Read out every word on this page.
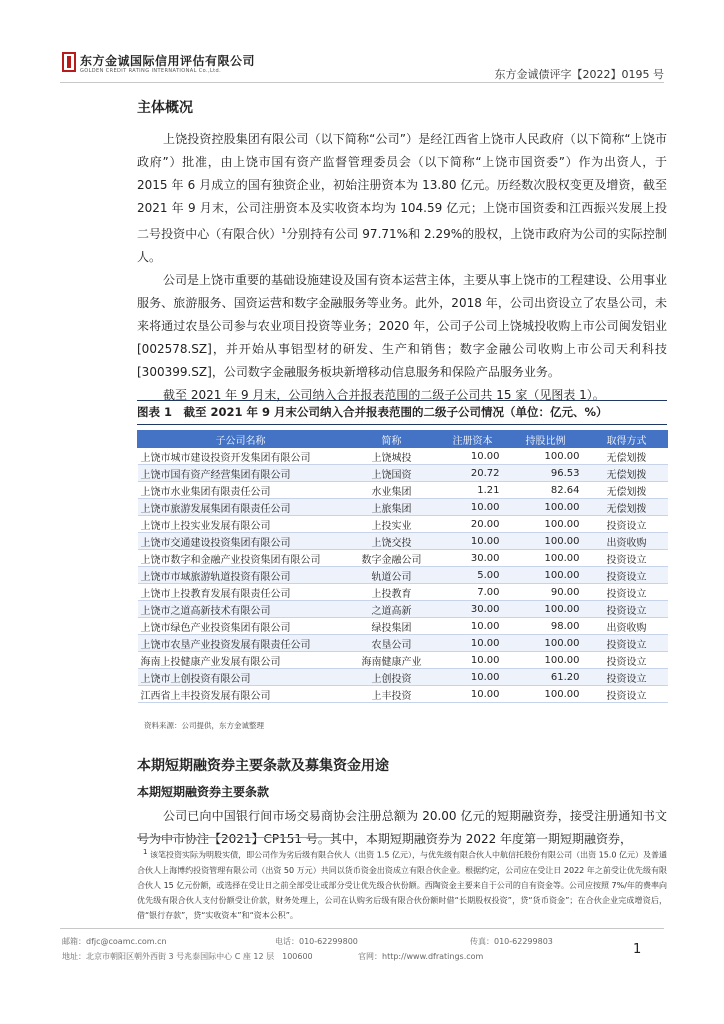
东方金诚国际信用评估有限公司
GOLDEN CREDIT RATING INTERNATIONAL Co.,Ltd.	东方金诚债评字【2022】0195 号
主体概况

上饶投资控股集团有限公司（以下简称“公司”）是经江西省上饶市人民政府（以下简称“上饶市政府”）批准，由上饶市国有资产监督管理委员会（以下简称“上饶市国资委”）作为出资人，于 2015 年 6 月成立的国有独资企业，初始注册资本为 13.80 亿元。历经数次股权变更及增资，截至 2021 年 9 月末，公司注册资本及实收资本均为 104.59 亿元；上饶市国资委和江西振兴发展上投二号投资中心（有限合伙）$^1$分别持有公司 97.71%和 2.29%的股权，上饶市政府为公司的实际控制人。

公司是上饶市重要的基础设施建设及国有资本运营主体，主要从事上饶市的工程建设、公用事业服务、旅游服务、国资运营和数字金融服务等业务。此外，2018 年，公司出资设立了农垦公司，未来将通过农垦公司参与农业项目投资等业务；2020 年，公司子公司上饶城投收购上市公司闽发铝业[002578.SZ]，并开始从事铝型材的研发、生产和销售；数字金融公司收购上市公司天利科技[300399.SZ]，公司数字金融服务板块新增移动信息服务和保险产品服务业务。

截至 2021 年 9 月末，公司纳入合并报表范围的二级子公司共 15 家（见图表 1）。

图表 1　截至 2021 年 9 月末公司纳入合并报表范围的二级子公司情况（单位：亿元、%）
子公司名称	简称	注册资本	持股比例	取得方式
上饶市城市建设投资开发集团有限公司	上饶城投	10.00	100.00	无偿划拨
上饶市国有资产经营集团有限公司	上饶国资	20.72	96.53	无偿划拨
上饶市水业集团有限责任公司	水业集团	1.21	82.64	无偿划拨
上饶市旅游发展集团有限责任公司	上旅集团	10.00	100.00	无偿划拨
上饶市上投实业发展有限公司	上投实业	20.00	100.00	投资设立
上饶市交通建设投资集团有限公司	上饶交投	10.00	100.00	出资收购
上饶市数字和金融产业投资集团有限公司	数字金融公司	30.00	100.00	投资设立
上饶市市域旅游轨道投资有限公司	轨道公司	5.00	100.00	投资设立
上饶市上投教育发展有限责任公司	上投教育	7.00	90.00	投资设立
上饶市之道高新技术有限公司	之道高新	30.00	100.00	投资设立
上饶市绿色产业投资集团有限公司	绿投集团	10.00	98.00	出资收购
上饶市农垦产业投资发展有限责任公司	农垦公司	10.00	100.00	投资设立
海南上投健康产业发展有限公司	海南健康产业	10.00	100.00	投资设立
上饶市上创投资有限公司	上创投资	10.00	61.20	投资设立
江西省上丰投资发展有限公司	上丰投资	10.00	100.00	投资设立
资料来源：公司提供，东方金诚整理
本期短期融资券主要条款及募集资金用途
本期短期融资券主要条款

公司已向中国银行间市场交易商协会注册总额为 20.00 亿元的短期融资券，接受注册通知书文号为中市协注【2021】CP151 号。其中，本期短期融资券为 2022 年度第一期短期融资券，

$^1$ 该笔投资实际为明股实债，即公司作为劣后级有限合伙人（出资 1.5 亿元），与优先级有限合伙人中航信托股份有限公司（出资 15.0 亿元）及普通合伙人上海博约投资管理有限公司（出资 50 万元）共同以货币资金出资成立有限合伙企业。根据约定，公司应在受让日 2022 年之前受让优先级有限合伙人 15 亿元份额，或选择在受让日之前全部受让或部分受让优先级合伙份额。西陶资金主要来自于公司的自有资金等。公司应按照 7%/年的费率向优先级有限合伙人支付份额受让价款，财务处理上，公司在认购劣后级有限合伙份额时借“长期股权投资”，贷“货币资金”；在合伙企业完成增资后，借“银行存款”，贷“实收资本”和“资本公积”。

邮箱：dfjc@coamc.com.cn	电话：010-62299800	传真：010-62299803
地址：北京市朝阳区朝外西街 3 号兆泰国际中心 C 座 12 层　100600	官网：http://www.dfratings.com	1
